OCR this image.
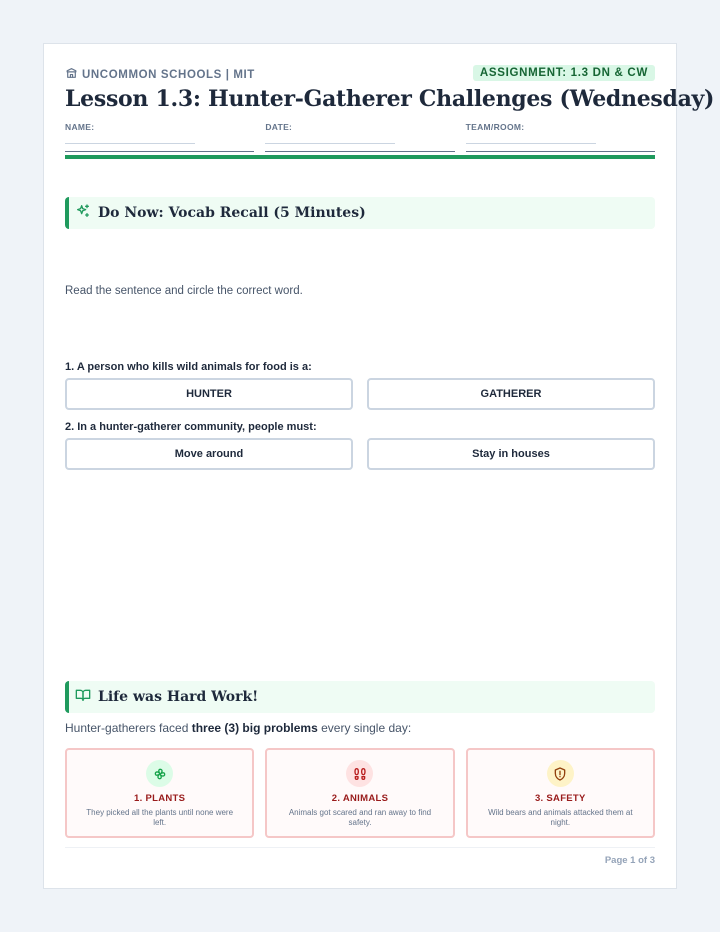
UNCOMMON SCHOOLS | MIT	ASSIGNMENT: 1.3 DN & CW
Lesson 1.3: Hunter-Gatherer Challenges (Wednesday)
NAME:	DATE:	TEAM/ROOM:
Do Now: Vocab Recall (5 Minutes)
Read the sentence and circle the correct word.
1. A person who kills wild animals for food is a:
HUNTER	GATHERER
2. In a hunter-gatherer community, people must:
Move around	Stay in houses
Life was Hard Work!
Hunter-gatherers faced three (3) big problems every single day:
1. PLANTS
They picked all the plants until none were left.
2. ANIMALS
Animals got scared and ran away to find safety.
3. SAFETY
Wild bears and animals attacked them at night.
Page 1 of 3
